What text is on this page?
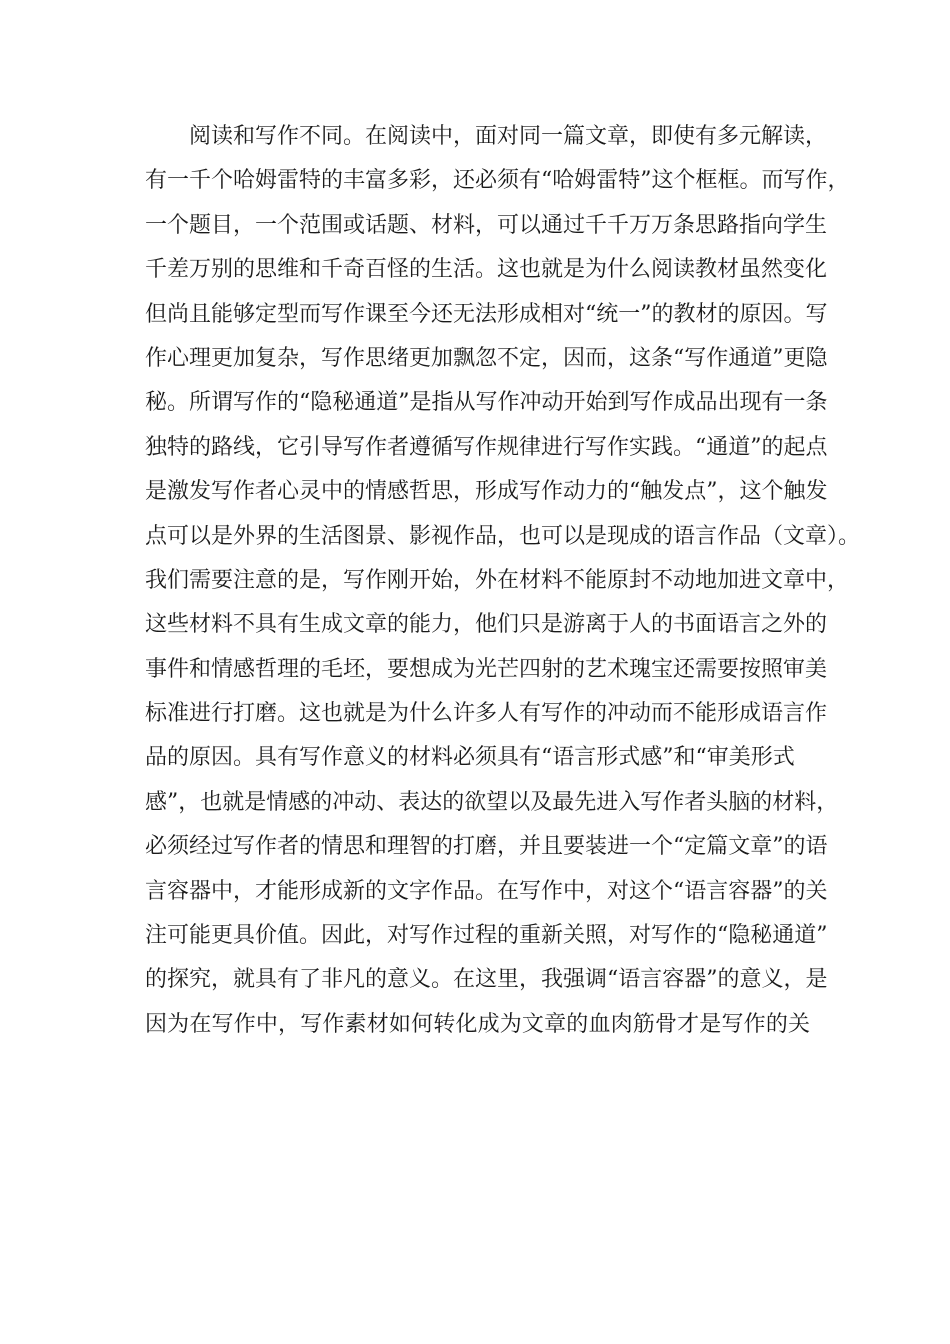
阅读和写作不同。在阅读中，面对同一篇文章，即使有多元解读，
有一千个哈姆雷特的丰富多彩，还必须有“哈姆雷特”这个框框。而写作，
一个题目，一个范围或话题、材料，可以通过千千万万条思路指向学生
千差万别的思维和千奇百怪的生活。这也就是为什么阅读教材虽然变化
但尚且能够定型而写作课至今还无法形成相对“统一”的教材的原因。写
作心理更加复杂，写作思绪更加飘忽不定，因而，这条“写作通道”更隐
秘。所谓写作的“隐秘通道”是指从写作冲动开始到写作成品出现有一条
独特的路线，它引导写作者遵循写作规律进行写作实践。“通道”的起点
是激发写作者心灵中的情感哲思，形成写作动力的“触发点”，这个触发
点可以是外界的生活图景、影视作品，也可以是现成的语言作品（文章）。
我们需要注意的是，写作刚开始，外在材料不能原封不动地加进文章中，
这些材料不具有生成文章的能力，他们只是游离于人的书面语言之外的
事件和情感哲理的毛坯，要想成为光芒四射的艺术瑰宝还需要按照审美
标准进行打磨。这也就是为什么许多人有写作的冲动而不能形成语言作
品的原因。具有写作意义的材料必须具有“语言形式感”和“审美形式
感”，也就是情感的冲动、表达的欲望以及最先进入写作者头脑的材料，
必须经过写作者的情思和理智的打磨，并且要装进一个“定篇文章”的语
言容器中，才能形成新的文字作品。在写作中，对这个“语言容器”的关
注可能更具价值。因此，对写作过程的重新关照，对写作的“隐秘通道”
的探究，就具有了非凡的意义。在这里，我强调“语言容器”的意义，是
因为在写作中，写作素材如何转化成为文章的血肉筋骨才是写作的关
